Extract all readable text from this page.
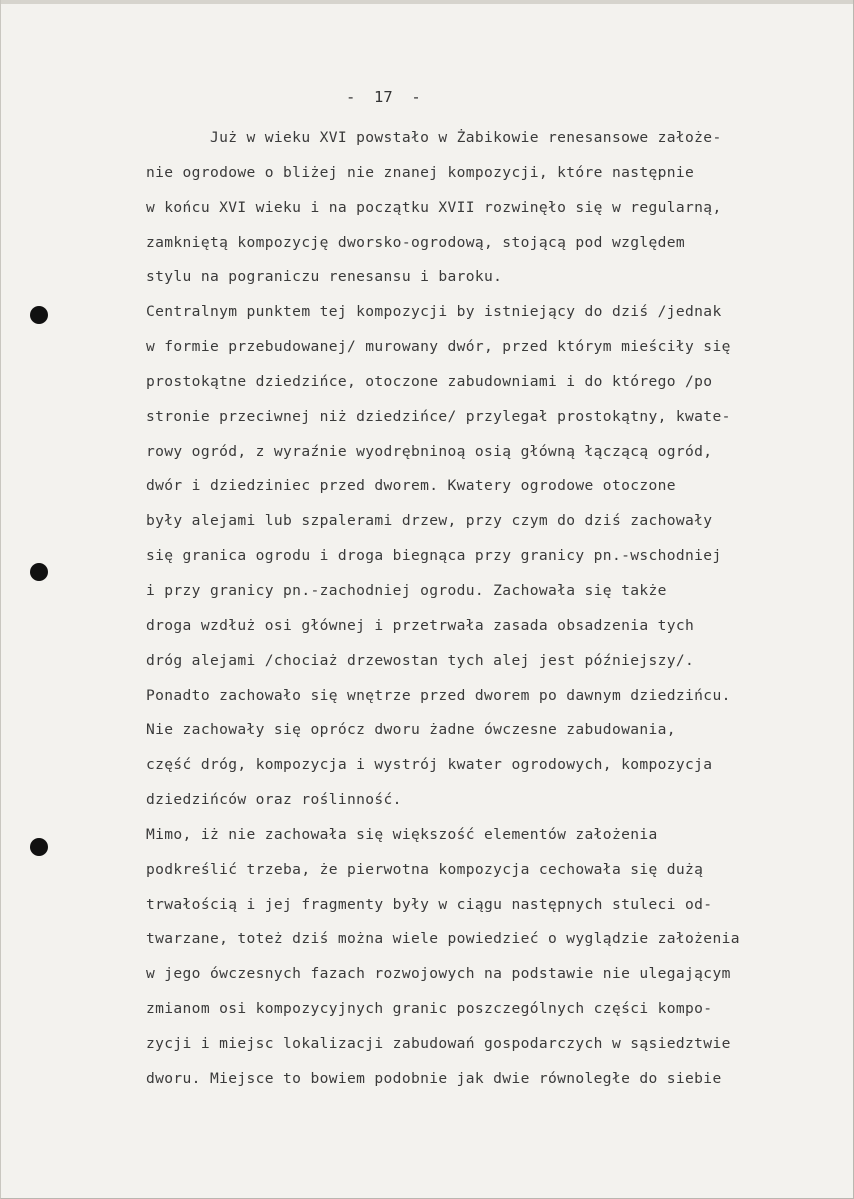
-  17  -
Już w wieku XVI powstało w Żabikowie renesansowe założe-
nie ogrodowe o bliżej nie znanej kompozycji, które następnie
w końcu XVI wieku i na początku XVII rozwinęło się w regularną,
zamkniętą kompozycję dworsko-ogrodową, stojącą pod względem
stylu na pograniczu renesansu i baroku.
Centralnym punktem tej kompozycji by istniejący do dziś /jednak
w formie przebudowanej/ murowany dwór, przed którym mieściły się
prostokątne dziedzińce, otoczone zabudowniami i do którego /po
stronie przeciwnej niż dziedzińce/ przylegał prostokątny, kwate-
rowy ogród, z wyraźnie wyodrębninoą osią główną łączącą ogród,
dwór i dziedziniec przed dworem. Kwatery ogrodowe otoczone
były alejami lub szpalerami drzew, przy czym do dziś zachowały
się granica ogrodu i droga biegnąca przy granicy pn.-wschodniej
i przy granicy pn.-zachodniej ogrodu. Zachowała się także
droga wzdłuż osi głównej i przetrwała zasada obsadzenia tych
dróg alejami /chociaż drzewostan tych alej jest późniejszy/.
Ponadto zachowało się wnętrze przed dworem po dawnym dziedzińcu.
Nie zachowały się oprócz dworu żadne ówczesne zabudowania,
część dróg, kompozycja i wystrój kwater ogrodowych, kompozycja
dziedzińców oraz roślinność.
Mimo, iż nie zachowała się większość elementów założenia
podkreślić trzeba, że pierwotna kompozycja cechowała się dużą
trwałością i jej fragmenty były w ciągu następnych stuleci od-
twarzane, toteż dziś można wiele powiedzieć o wyglądzie założenia
w jego ówczesnych fazach rozwojowych na podstawie nie ulegającym
zmianom osi kompozycyjnych granic poszczególnych części kompo-
zycji i miejsc lokalizacji zabudowań gospodarczych w sąsiedztwie
dworu. Miejsce to bowiem podobnie jak dwie równoległe do siebie
